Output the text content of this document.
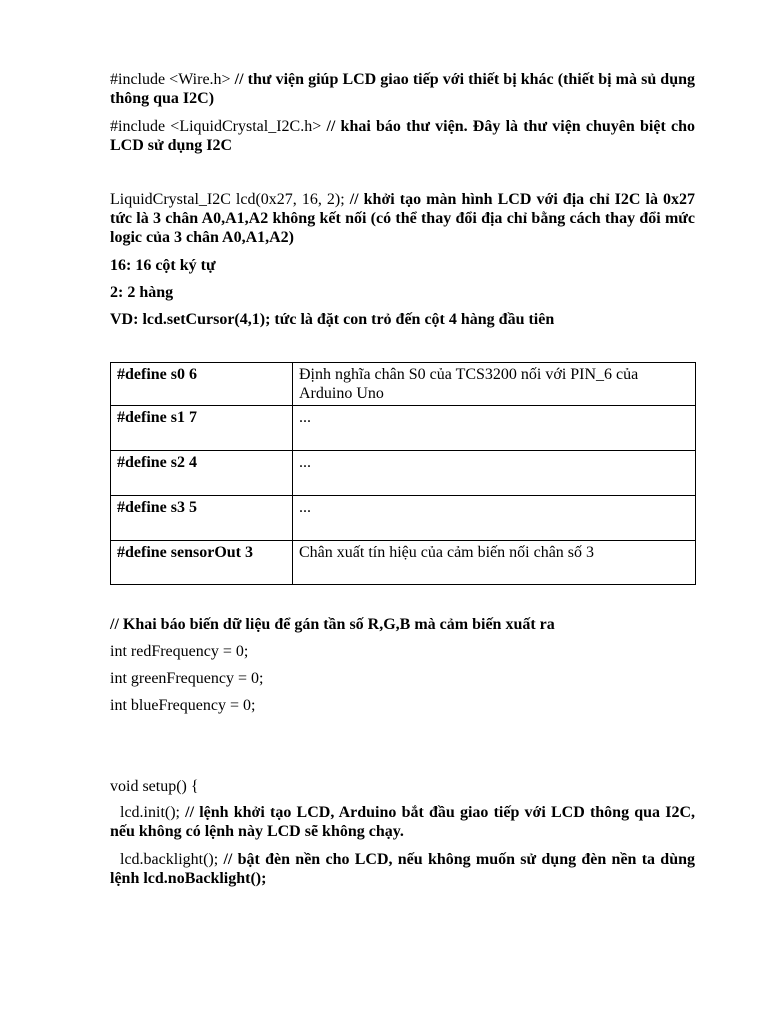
#include <Wire.h> // thư viện giúp LCD giao tiếp với thiết bị khác (thiết bị mà sủ dụng thông qua I2C)

#include <LiquidCrystal_I2C.h> // khai báo thư viện. Đây là thư viện chuyên biệt cho LCD sử dụng I2C

LiquidCrystal_I2C lcd(0x27, 16, 2); // khởi tạo màn hình LCD với địa chỉ I2C là 0x27 tức là 3 chân A0,A1,A2 không kết nối (có thể thay đổi địa chỉ bằng cách thay đổi mức logic của 3 chân A0,A1,A2)

16: 16 cột ký tự

2: 2 hàng

VD: lcd.setCursor(4,1); tức là đặt con trỏ đến cột 4 hàng đầu tiên

#define s0 6	Định nghĩa chân S0 của TCS3200 nối với PIN_6 của Arduino Uno
#define s1 7	...
#define s2 4	...
#define s3 5	...
#define sensorOut 3	Chân xuất tín hiệu của cảm biến nối chân số 3

// Khai báo biến dữ liệu để gán tần số R,G,B mà cảm biến xuất ra

int redFrequency = 0;

int greenFrequency = 0;

int blueFrequency = 0;

void setup() {

lcd.init(); // lệnh khởi tạo LCD, Arduino bắt đầu giao tiếp với LCD thông qua I2C, nếu không có lệnh này LCD sẽ không chạy.

lcd.backlight(); // bật đèn nền cho LCD, nếu không muốn sử dụng đèn nền ta dùng lệnh lcd.noBacklight();
